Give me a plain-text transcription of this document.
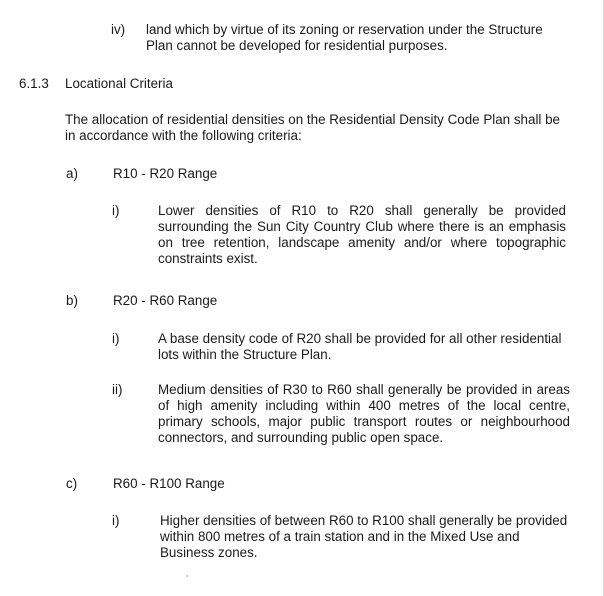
iv) land which by virtue of its zoning or reservation under the Structure Plan cannot be developed for residential purposes.

6.1.3 Locational Criteria

The allocation of residential densities on the Residential Density Code Plan shall be in accordance with the following criteria:

a)	R10 - R20 Range
i)	Lower densities of R10 to R20 shall generally be provided surrounding the Sun City Country Club where there is an emphasis on tree retention, landscape amenity and/or where topographic constraints exist.

b)	R20 - R60 Range
i)	A base density code of R20 shall be provided for all other residential lots within the Structure Plan.

ii)	Medium densities of R30 to R60 shall generally be provided in areas of high amenity including within 400 metres of the local centre, primary schools, major public transport routes or neighbourhood connectors, and surrounding public open space.

c)	R60 - R100 Range
i)	Higher densities of between R60 to R100 shall generally be provided within 800 metres of a train station and in the Mixed Use and Business zones.
